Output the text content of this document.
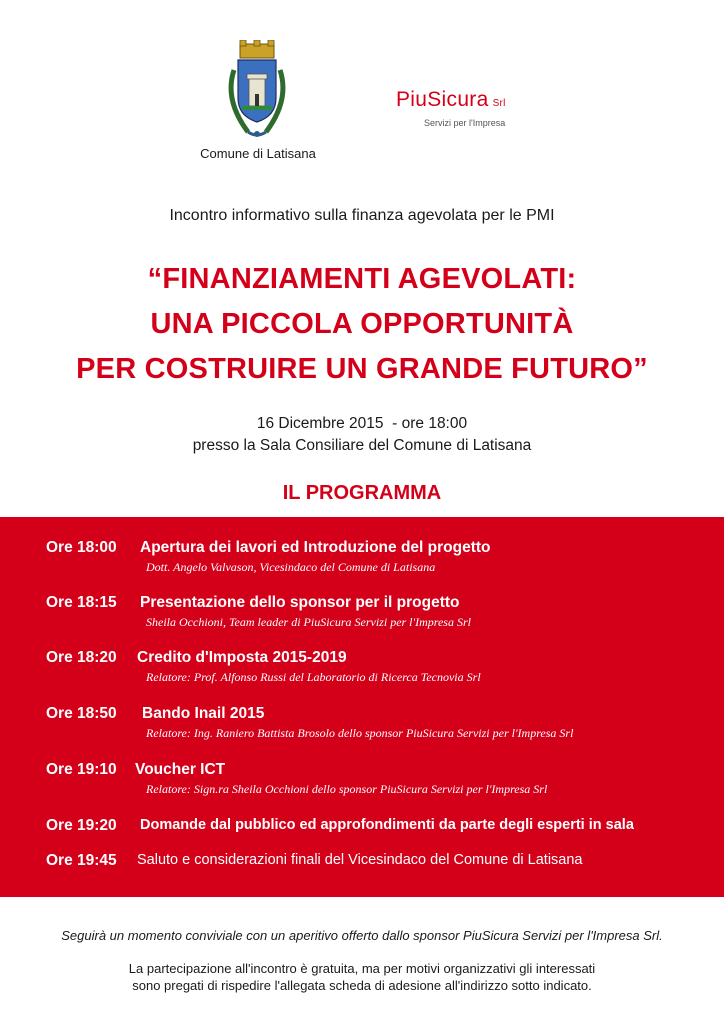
Comune di Latisana
PiuSicura Srl
Servizi per l'Impresa
Incontro informativo sulla finanza agevolata per le PMI
“FINANZIAMENTI AGEVOLATI:
UNA PICCOLA OPPORTUNITÀ
PER COSTRUIRE UN GRANDE FUTURO”
16 Dicembre 2015  - ore 18:00
presso la Sala Consiliare del Comune di Latisana
IL PROGRAMMA
Ore 18:00 Apertura dei lavori ed Introduzione del progetto
Dott. Angelo Valvason, Vicesindaco del Comune di Latisana
Ore 18:15 Presentazione dello sponsor per il progetto
Sheila Occhioni, Team leader di PiuSicura Servizi per l'Impresa Srl
Ore 18:20 Credito d'Imposta 2015-2019
Relatore: Prof. Alfonso Russi del Laboratorio di Ricerca Tecnovia Srl
Ore 18:50 Bando Inail 2015
Relatore: Ing. Raniero Battista Brosolo dello sponsor PiuSicura Servizi per l'Impresa Srl
Ore 19:10 Voucher ICT
Relatore: Sign.ra Sheila Occhioni dello sponsor PiuSicura Servizi per l'Impresa Srl
Ore 19:20 Domande dal pubblico ed approfondimenti da parte degli esperti in sala
Ore 19:45 Saluto e considerazioni finali del Vicesindaco del Comune di Latisana
Seguirà un momento conviviale con un aperitivo offerto dallo sponsor PiuSicura Servizi per l'Impresa Srl.
La partecipazione all'incontro è gratuita, ma per motivi organizzativi gli interessati
sono pregati di rispedire l'allegata scheda di adesione all'indirizzo sotto indicato.
